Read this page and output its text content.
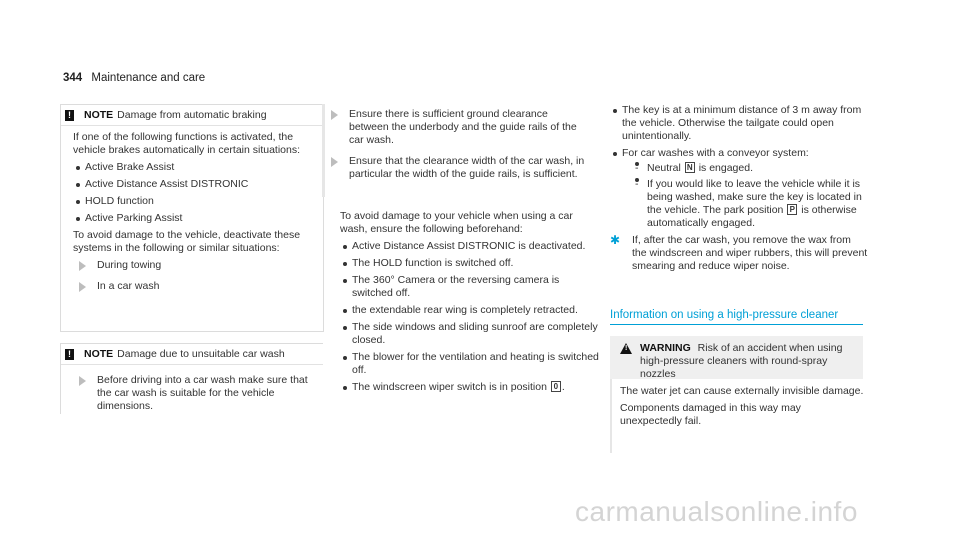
344 Maintenance and care
! NOTE Damage from automatic braking
If one of the following functions is activated, the vehicle brakes automatically in certain situations:
Active Brake Assist
Active Distance Assist DISTRONIC
HOLD function
Active Parking Assist
To avoid damage to the vehicle, deactivate these systems in the following or similar situations:
During towing
In a car wash
! NOTE Damage due to unsuitable car wash
Before driving into a car wash make sure that the car wash is suitable for the vehicle dimensions.
Ensure there is sufficient ground clearance between the underbody and the guide rails of the car wash.
Ensure that the clearance width of the car wash, in particular the width of the guide rails, is sufficient.
To avoid damage to your vehicle when using a car wash, ensure the following beforehand:
Active Distance Assist DISTRONIC is deactivated.
The HOLD function is switched off.
The 360° Camera or the reversing camera is switched off.
the extendable rear wing is completely retracted.
The side windows and sliding sunroof are completely closed.
The blower for the ventilation and heating is switched off.
The windscreen wiper switch is in position 0 .
The key is at a minimum distance of 3 m away from the vehicle. Otherwise the tailgate could open unintentionally.
For car washes with a conveyor system:
- Neutral N is engaged.
- If you would like to leave the vehicle while it is being washed, make sure the key is located in the vehicle. The park position P is otherwise automatically engaged.
✱ If, after the car wash, you remove the wax from the windscreen and wiper rubbers, this will prevent smearing and reduce wiper noise.
Information on using a high-pressure cleaner
! WARNING Risk of an accident when using high-pressure cleaners with round-spray nozzles
The water jet can cause externally invisible damage.
Components damaged in this way may unexpectedly fail.
carmanualsonline.info
